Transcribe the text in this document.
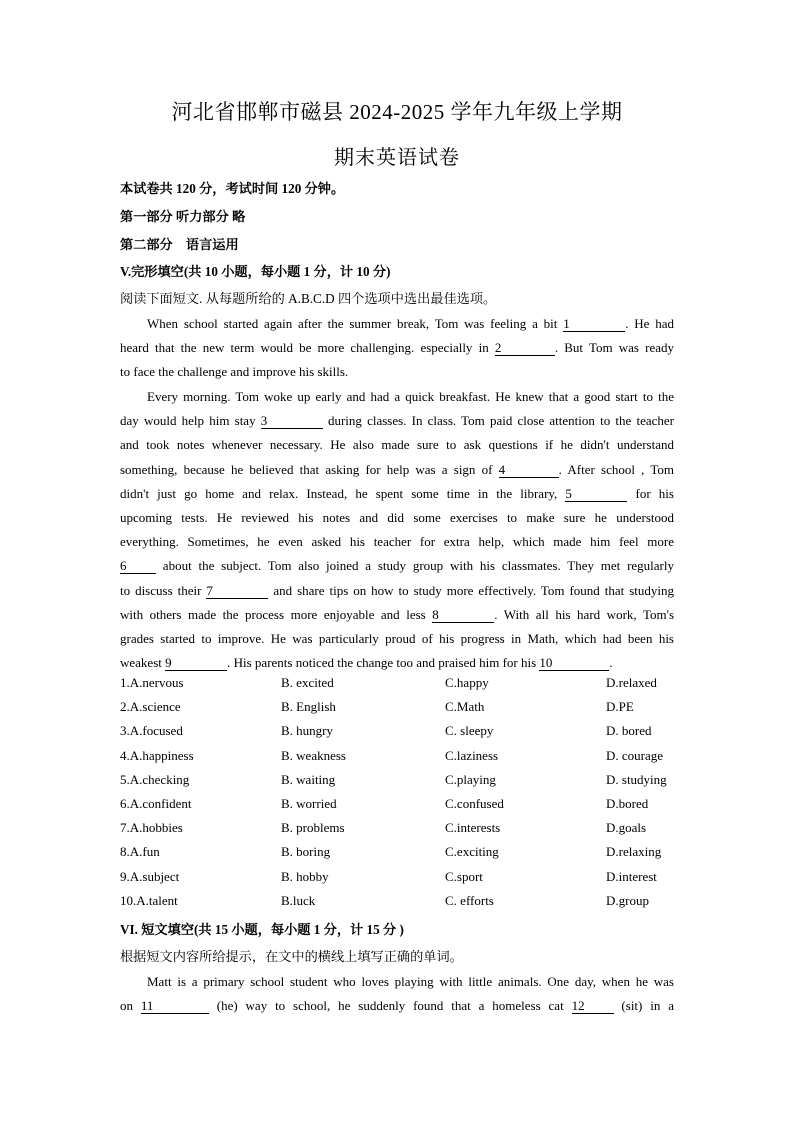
河北省邯郸市磁县 2024-2025 学年九年级上学期
期末英语试卷
本试卷共 120 分，考试时间 120 分钟。
第一部分 听力部分 略
第二部分　语言运用
V.完形填空(共 10 小题，每小题 1 分，计 10 分)
阅读下面短文. 从每题所给的 A.B.C.D 四个选项中选出最佳选项。
When school started again after the summer break, Tom was feeling a bit 1	. He had
heard that the new term would be more challenging. especially in 2	. But Tom was ready
to face the challenge and improve his skills.
Every morning. Tom woke up early and had a quick breakfast. He knew that a good start to the
day would help him stay 3	during classes. In class. Tom paid close attention to the teacher
and took notes whenever necessary. He also made sure to ask questions if he didn't understand
something, because he believed that asking for help was a sign of 4	. After school , Tom
didn't just go home and relax. Instead, he spent some time in the library, 5	for his
upcoming tests. He reviewed his notes and did some exercises to make sure he understood
everything. Sometimes, he even asked his teacher for extra help, which made him feel more
6 about the subject. Tom also joined a study group with his classmates. They met regularly
to discuss their 7	and share tips on how to study more effectively. Tom found that studying
with others made the process more enjoyable and less 8	. With all his hard work, Tom's
grades started to improve. He was particularly proud of his progress in Math, which had been his
weakest 9	. His parents noticed the change too and praised him for his 10	.
1.A.nervous	B. excited	C.happy	D.relaxed
2.A.science	B. English	C.Math	D.PE
3.A.focused	B. hungry	C. sleepy	D. bored
4.A.happiness	B. weakness	C.laziness	D. courage
5.A.checking	B. waiting	C.playing	D. studying
6.A.confident	B. worried	C.confused	D.bored
7.A.hobbies	B. problems	C.interests	D.goals
8.A.fun	B. boring	C.exciting	D.relaxing
9.A.subject	B. hobby	C.sport	D.interest
10.A.talent	B.luck	C. efforts	D.group
VI. 短文填空(共 15 小题，每小题 1 分，计 15 分 )
根据短文内容所给提示，在文中的横线上填写正确的单词。
Matt is a primary school student who loves playing with little animals. One day, when he was
on 11	(he) way to school, he suddenly found that a homeless cat 12 (sit) in a
